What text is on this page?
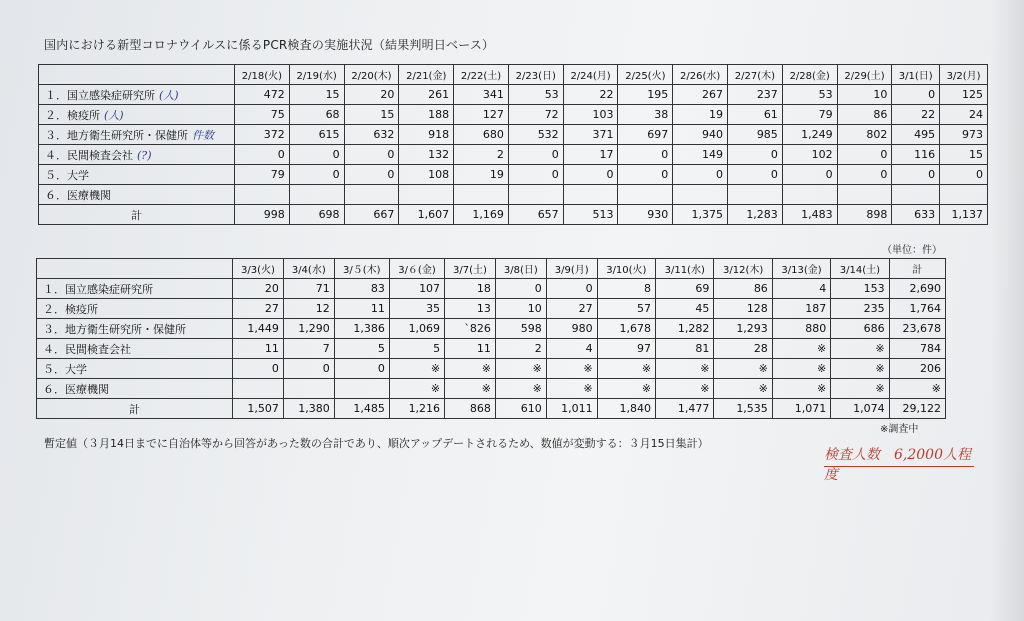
国内における新型コロナウイルスに係るPCR検査の実施状況（結果判明日ベース）
	2/18(火)	2/19(水)	2/20(木)	2/21(金)	2/22(土)	2/23(日)	2/24(月)	2/25(火)	2/26(水)	2/27(木)	2/28(金)	2/29(土)	3/1(日)	3/2(月)
１．国立感染症研究所 (人)	472	15	20	261	341	53	22	195	267	237	53	10	0	125
２．検疫所 (人)	75	68	15	188	127	72	103	38	19	61	79	86	22	24
３．地方衛生研究所・保健所 件数	372	615	632	918	680	532	371	697	940	985	1,249	802	495	973
４．民間検査会社 (?)	0	0	0	132	2	0	17	0	149	0	102	0	116	15
５．大学	79	0	0	108	19	0	0	0	0	0	0	0	0	0
６．医療機関														
計	998	698	667	1,607	1,169	657	513	930	1,375	1,283	1,483	898	633	1,137
（単位：件）
	3/3(火)	3/4(水)	3/５(木)	3/６(金)	3/7(土)	3/8(日)	3/9(月)	3/10(火)	3/11(水)	3/12(木)	3/13(金)	3/14(土)	計
１．国立感染症研究所	20	71	83	107	18	0	0	8	69	86	4	153	2,690
２．検疫所	27	12	11	35	13	10	27	57	45	128	187	235	1,764
３．地方衛生研究所・保健所	1,449	1,290	1,386	1,069	`826	598	980	1,678	1,282	1,293	880	686	23,678
４．民間検査会社	11	7	5	5	11	2	4	97	81	28	※	※	784
５．大学	0	0	0	※	※	※	※	※	※	※	※	※	206
６．医療機関				※	※	※	※	※	※	※	※	※	※
計	1,507	1,380	1,485	1,216	868	610	1,011	1,840	1,477	1,535	1,071	1,074	29,122
※調査中
暫定値（３月14日までに自治体等から回答があった数の合計であり、順次アップデートされるため、数値が変動する：３月15日集計）
検査人数　6,2000人程度
